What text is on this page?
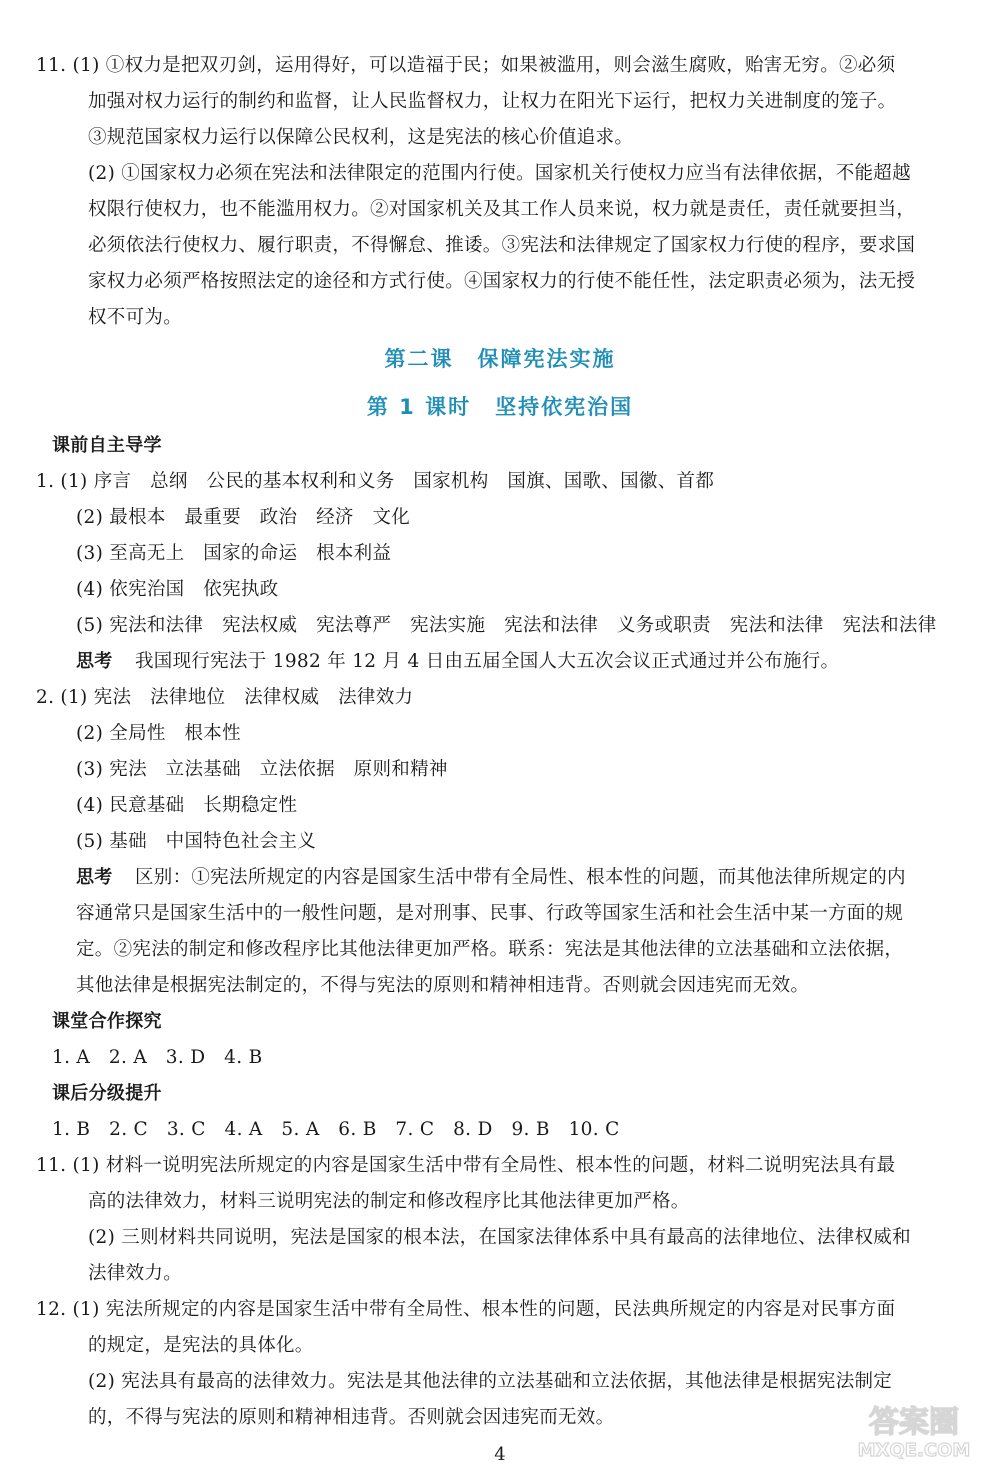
11. (1) ①权力是把双刃剑，运用得好，可以造福于民；如果被滥用，则会滋生腐败，贻害无穷。②必须
加强对权力运行的制约和监督，让人民监督权力，让权力在阳光下运行，把权力关进制度的笼子。
③规范国家权力运行以保障公民权利，这是宪法的核心价值追求。
(2) ①国家权力必须在宪法和法律限定的范围内行使。国家机关行使权力应当有法律依据，不能超越
权限行使权力，也不能滥用权力。②对国家机关及其工作人员来说，权力就是责任，责任就要担当，
必须依法行使权力、履行职责，不得懈怠、推诿。③宪法和法律规定了国家权力行使的程序，要求国
家权力必须严格按照法定的途径和方式行使。④国家权力的行使不能任性，法定职责必须为，法无授
权不可为。
第二课 保障宪法实施
第 1 课时 坚持依宪治国
课前自主导学
1. (1) 序言　总纲　公民的基本权利和义务　国家机构　国旗、国歌、国徽、首都
(2) 最根本　最重要　政治　经济　文化
(3) 至高无上　国家的命运　根本利益
(4) 依宪治国　依宪执政
(5) 宪法和法律　宪法权威　宪法尊严　宪法实施　宪法和法律　义务或职责　宪法和法律　宪法和法律
思考 我国现行宪法于 1982 年 12 月 4 日由五届全国人大五次会议正式通过并公布施行。
2. (1) 宪法　法律地位　法律权威　法律效力
(2) 全局性　根本性
(3) 宪法　立法基础　立法依据　原则和精神
(4) 民意基础　长期稳定性
(5) 基础　中国特色社会主义
思考 区别：①宪法所规定的内容是国家生活中带有全局性、根本性的问题，而其他法律所规定的内
容通常只是国家生活中的一般性问题，是对刑事、民事、行政等国家生活和社会生活中某一方面的规
定。②宪法的制定和修改程序比其他法律更加严格。联系：宪法是其他法律的立法基础和立法依据，
其他法律是根据宪法制定的，不得与宪法的原则和精神相违背。否则就会因违宪而无效。
课堂合作探究
1. A　2. A　3. D　4. B
课后分级提升
1. B　2. C　3. C　4. A　5. A　6. B　7. C　8. D　9. B　10. C
11. (1) 材料一说明宪法所规定的内容是国家生活中带有全局性、根本性的问题，材料二说明宪法具有最
高的法律效力，材料三说明宪法的制定和修改程序比其他法律更加严格。
(2) 三则材料共同说明，宪法是国家的根本法，在国家法律体系中具有最高的法律地位、法律权威和
法律效力。
12. (1) 宪法所规定的内容是国家生活中带有全局性、根本性的问题，民法典所规定的内容是对民事方面
的规定，是宪法的具体化。
(2) 宪法具有最高的法律效力。宪法是其他法律的立法基础和立法依据，其他法律是根据宪法制定
的，不得与宪法的原则和精神相违背。否则就会因违宪而无效。
4
答案圈
MXQE.COM
